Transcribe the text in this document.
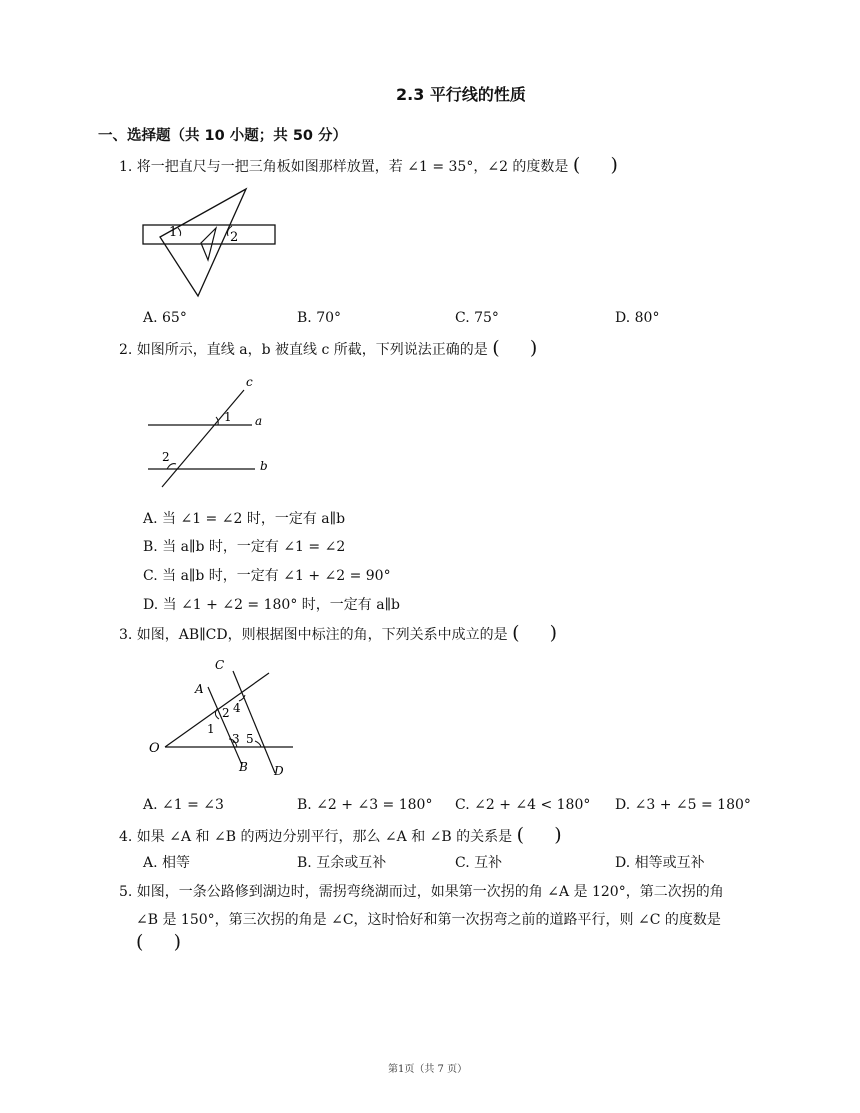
2.3 平行线的性质
一、选择题（共 10 小题；共 50 分）
1. 将一把直尺与一把三角板如图那样放置，若 ∠1 = 35°，∠2 的度数是 (     )
1	2
A. 65°	B. 70°	C. 75°	D. 80°
2. 如图所示，直线 a，b 被直线 c 所截，下列说法正确的是 (     )
c
1 a
2
b
A. 当 ∠1 = ∠2 时，一定有 a∥b
B. 当 a∥b 时，一定有 ∠1 = ∠2
C. 当 a∥b 时，一定有 ∠1 + ∠2 = 90°
D. 当 ∠1 + ∠2 = 180° 时，一定有 a∥b
3. 如图，AB∥CD，则根据图中标注的角，下列关系中成立的是 (     )
C
A
2 4
1
3 5
O
B D
A. ∠1 = ∠3	B. ∠2 + ∠3 = 180° C. ∠2 + ∠4 < 180° D. ∠3 + ∠5 = 180°
4. 如果 ∠A 和 ∠B 的两边分别平行，那么 ∠A 和 ∠B 的关系是 (     )
A. 相等	B. 互余或互补	C. 互补	D. 相等或互补
5. 如图，一条公路修到湖边时，需拐弯绕湖而过，如果第一次拐的角 ∠A 是 120°，第二次拐的角
∠B 是 150°，第三次拐的角是 ∠C，这时恰好和第一次拐弯之前的道路平行，则 ∠C 的度数是
(     )
第1页（共 7 页）
